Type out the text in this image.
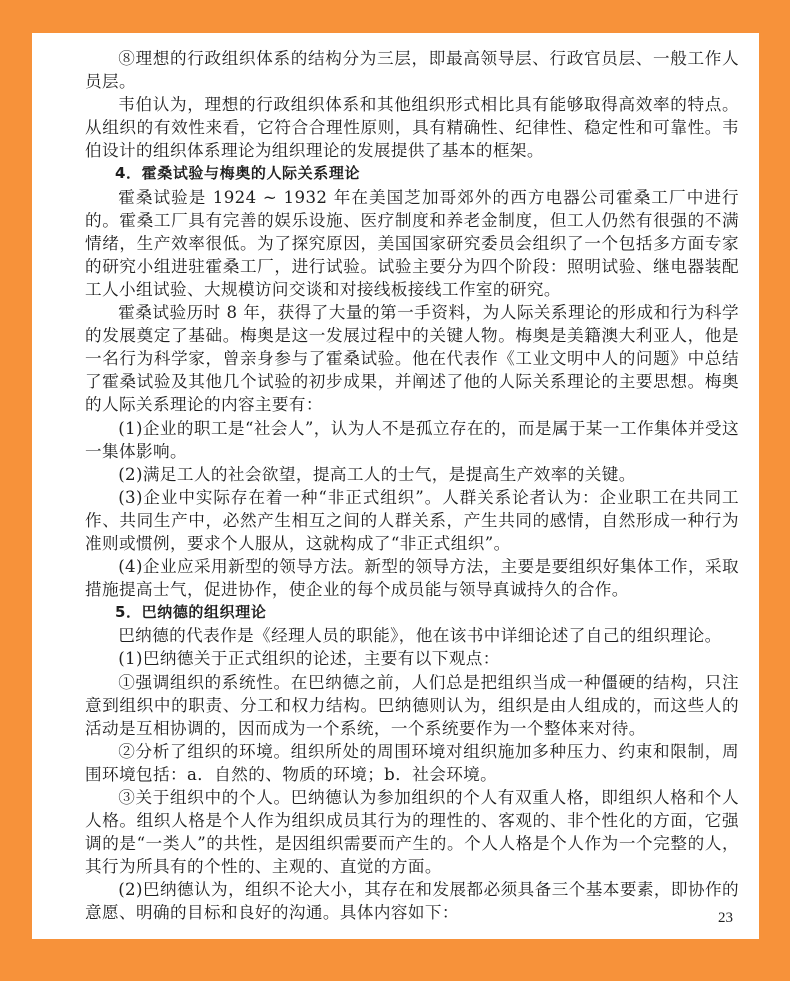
⑧理想的行政组织体系的结构分为三层，即最高领导层、行政官员层、一般工作人员层。

韦伯认为，理想的行政组织体系和其他组织形式相比具有能够取得高效率的特点。从组织的有效性来看，它符合合理性原则，具有精确性、纪律性、稳定性和可靠性。韦伯设计的组织体系理论为组织理论的发展提供了基本的框架。

4．霍桑试验与梅奥的人际关系理论

霍桑试验是 1924 ~ 1932 年在美国芝加哥郊外的西方电器公司霍桑工厂中进行的。霍桑工厂具有完善的娱乐设施、医疗制度和养老金制度，但工人仍然有很强的不满情绪，生产效率很低。为了探究原因，美国国家研究委员会组织了一个包括多方面专家的研究小组进驻霍桑工厂，进行试验。试验主要分为四个阶段：照明试验、继电器装配工人小组试验、大规模访问交谈和对接线板接线工作室的研究。

霍桑试验历时 8 年，获得了大量的第一手资料，为人际关系理论的形成和行为科学的发展奠定了基础。梅奥是这一发展过程中的关键人物。梅奥是美籍澳大利亚人，他是一名行为科学家，曾亲身参与了霍桑试验。他在代表作《工业文明中人的问题》中总结了霍桑试验及其他几个试验的初步成果，并阐述了他的人际关系理论的主要思想。梅奥的人际关系理论的内容主要有：

(1)企业的职工是“社会人”，认为人不是孤立存在的，而是属于某一工作集体并受这一集体影响。

(2)满足工人的社会欲望，提高工人的士气，是提高生产效率的关键。

(3)企业中实际存在着一种“非正式组织”。人群关系论者认为：企业职工在共同工作、共同生产中，必然产生相互之间的人群关系，产生共同的感情，自然形成一种行为准则或惯例，要求个人服从，这就构成了“非正式组织”。

(4)企业应采用新型的领导方法。新型的领导方法，主要是要组织好集体工作，采取措施提高士气，促进协作，使企业的每个成员能与领导真诚持久的合作。

5．巴纳德的组织理论

巴纳德的代表作是《经理人员的职能》，他在该书中详细论述了自己的组织理论。

(1)巴纳德关于正式组织的论述，主要有以下观点：

①强调组织的系统性。在巴纳德之前，人们总是把组织当成一种僵硬的结构，只注意到组织中的职责、分工和权力结构。巴纳德则认为，组织是由人组成的，而这些人的活动是互相协调的，因而成为一个系统，一个系统要作为一个整体来对待。

②分析了组织的环境。组织所处的周围环境对组织施加多种压力、约束和限制，周围环境包括：a．自然的、物质的环境；b．社会环境。

③关于组织中的个人。巴纳德认为参加组织的个人有双重人格，即组织人格和个人人格。组织人格是个人作为组织成员其行为的理性的、客观的、非个性化的方面，它强调的是“一类人”的共性，是因组织需要而产生的。个人人格是个人作为一个完整的人，其行为所具有的个性的、主观的、直觉的方面。

(2)巴纳德认为，组织不论大小，其存在和发展都必须具备三个基本要素，即协作的意愿、明确的目标和良好的沟通。具体内容如下：	23
